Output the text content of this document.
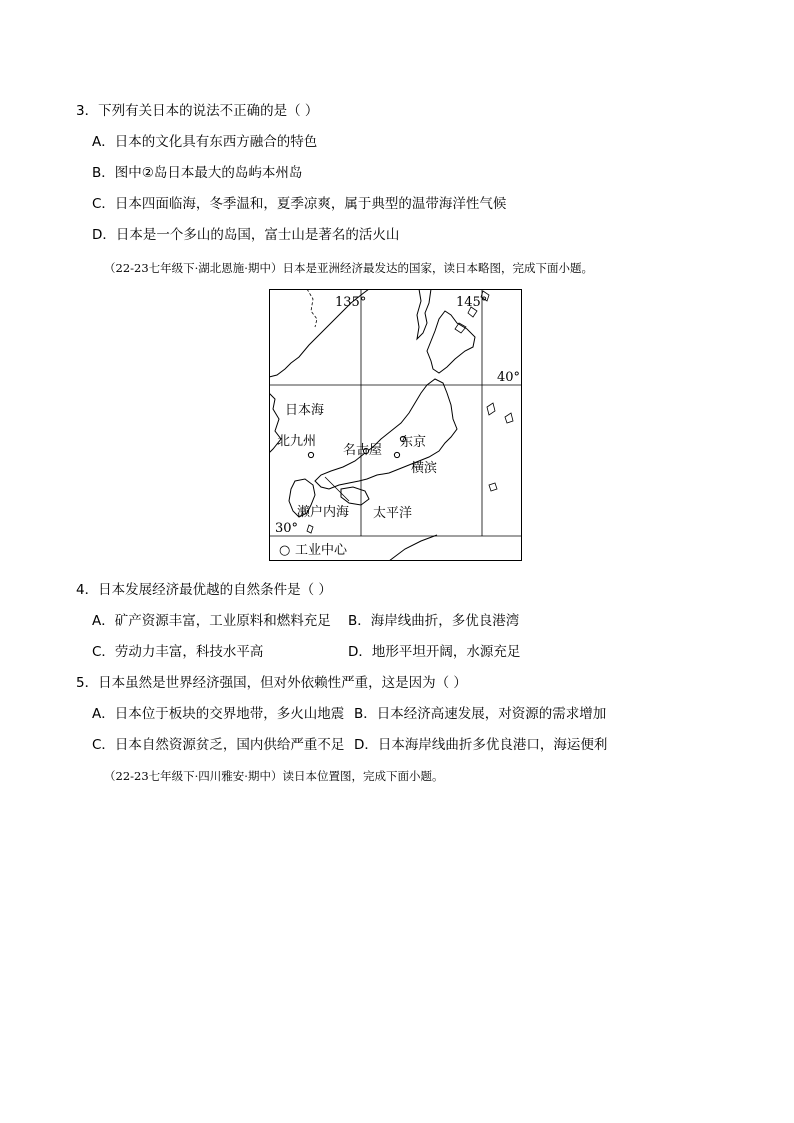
3．下列有关日本的说法不正确的是（ ）
A．日本的文化具有东西方融合的特色
B．图中②岛日本最大的岛屿本州岛
C．日本四面临海，冬季温和，夏季凉爽，属于典型的温带海洋性气候
D．日本是一个多山的岛国，富士山是著名的活火山
（22-23七年级下·湖北恩施·期中）日本是亚洲经济最发达的国家，读日本略图，完成下面小题。
135°	145°
40°
30°
日本海
名古屋
东京
横滨
北九州
濑户内海 太平洋
○ 工业中心
4．日本发展经济最优越的自然条件是（ ）
A．矿产资源丰富，工业原料和燃料充足 B．海岸线曲折，多优良港湾
C．劳动力丰富，科技水平高	D．地形平坦开阔，水源充足
5．日本虽然是世界经济强国，但对外依赖性严重，这是因为（ ）
A．日本位于板块的交界地带，多火山地震 B．日本经济高速发展，对资源的需求增加
C．日本自然资源贫乏，国内供给严重不足 D．日本海岸线曲折多优良港口，海运便利
（22-23七年级下·四川雅安·期中）读日本位置图，完成下面小题。
